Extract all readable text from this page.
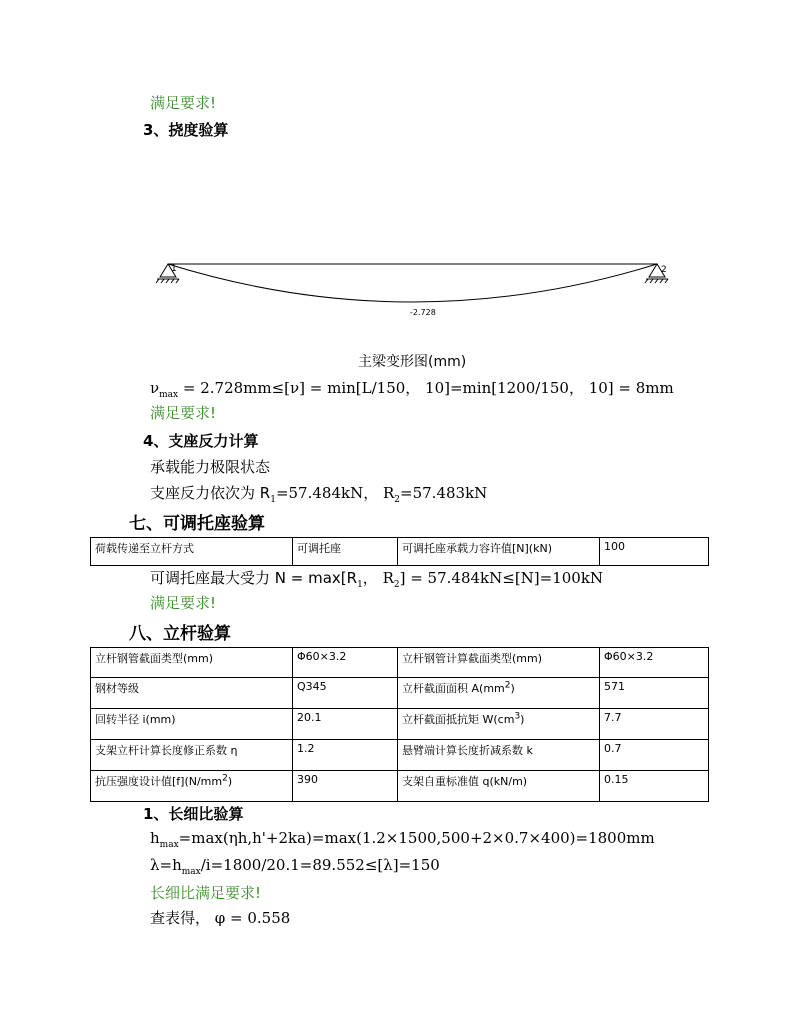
满足要求!
3、挠度验算
1	2
-2.728
主梁变形图(mm)
$\nu_{max} = 2.728mm\le[\nu] = \min[L/150$， 10]=min[1200/150， 10] = 8mm
满足要求!
4、支座反力计算
承载能力极限状态
支座反力依次为 $R_1=57.484kN$， $R_2=57.483kN$
七、可调托座验算
荷载传递至立杆方式	可调托座	可调托座承载力容许值[N](kN)	100
可调托座最大受力 $N = \max[R_1$， $R_2] = 57.484kN\le[N]=100kN$
满足要求!
八、立杆验算
立杆钢管截面类型(mm)	Φ60×3.2	立杆钢管计算截面类型(mm)	Φ60×3.2
钢材等级	Q345	立杆截面面积 $A(mm^2)$	571
回转半径 i(mm)	20.1	立杆截面抵抗矩 $W(cm^3)$	7.7
支架立杆计算长度修正系数 η	1.2	悬臂端计算长度折减系数 k	0.7
抗压强度设计值$[f](N/mm^2)$	390	支架自重标准值 q(kN/m)	0.15
1、长细比验算
$h_{max}=\max(\eta h,h'+2ka)=\max(1.2\times 1500,500+2\times 0.7\times 400)=1800mm$
$\lambda=h_{max}/i=1800/20.1=89.552\le[\lambda]=150$
长细比满足要求!
查表得， φ = 0.558
